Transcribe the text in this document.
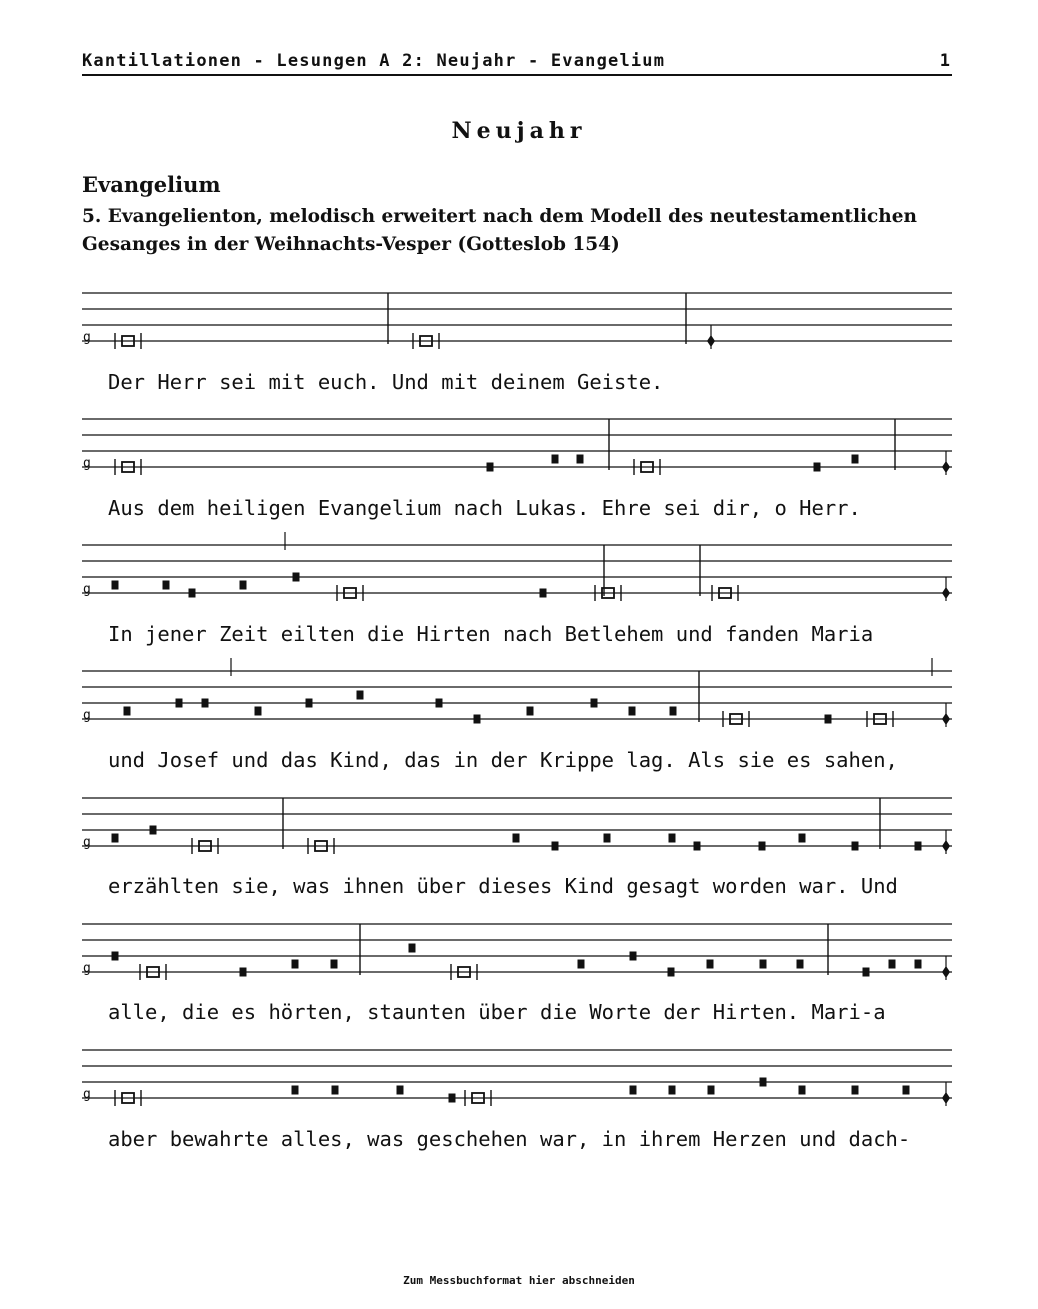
Kantillationen - Lesungen A 2: Neujahr - Evangelium	1
Neujahr
Evangelium
5. Evangelienton, melodisch erweitert nach dem Modell des neutestamentlichen Gesanges in der Weihnachts-Vesper (Gotteslob 154)
g
g
g
g
g
g
g
Der Herr sei mit euch. Und mit deinem Geiste.
Aus dem heiligen Evangelium nach Lukas. Ehre sei dir, o Herr.
In jener Zeit eilten die Hirten nach Betlehem und fanden Maria
und Josef und das Kind, das in der Krippe lag. Als sie es sahen,
erzählten sie, was ihnen über dieses Kind gesagt worden war. Und
alle, die es hörten, staunten über die Worte der Hirten. Mari-a
aber bewahrte alles, was geschehen war, in ihrem Herzen und dach-
Zum Messbuchformat hier abschneiden
